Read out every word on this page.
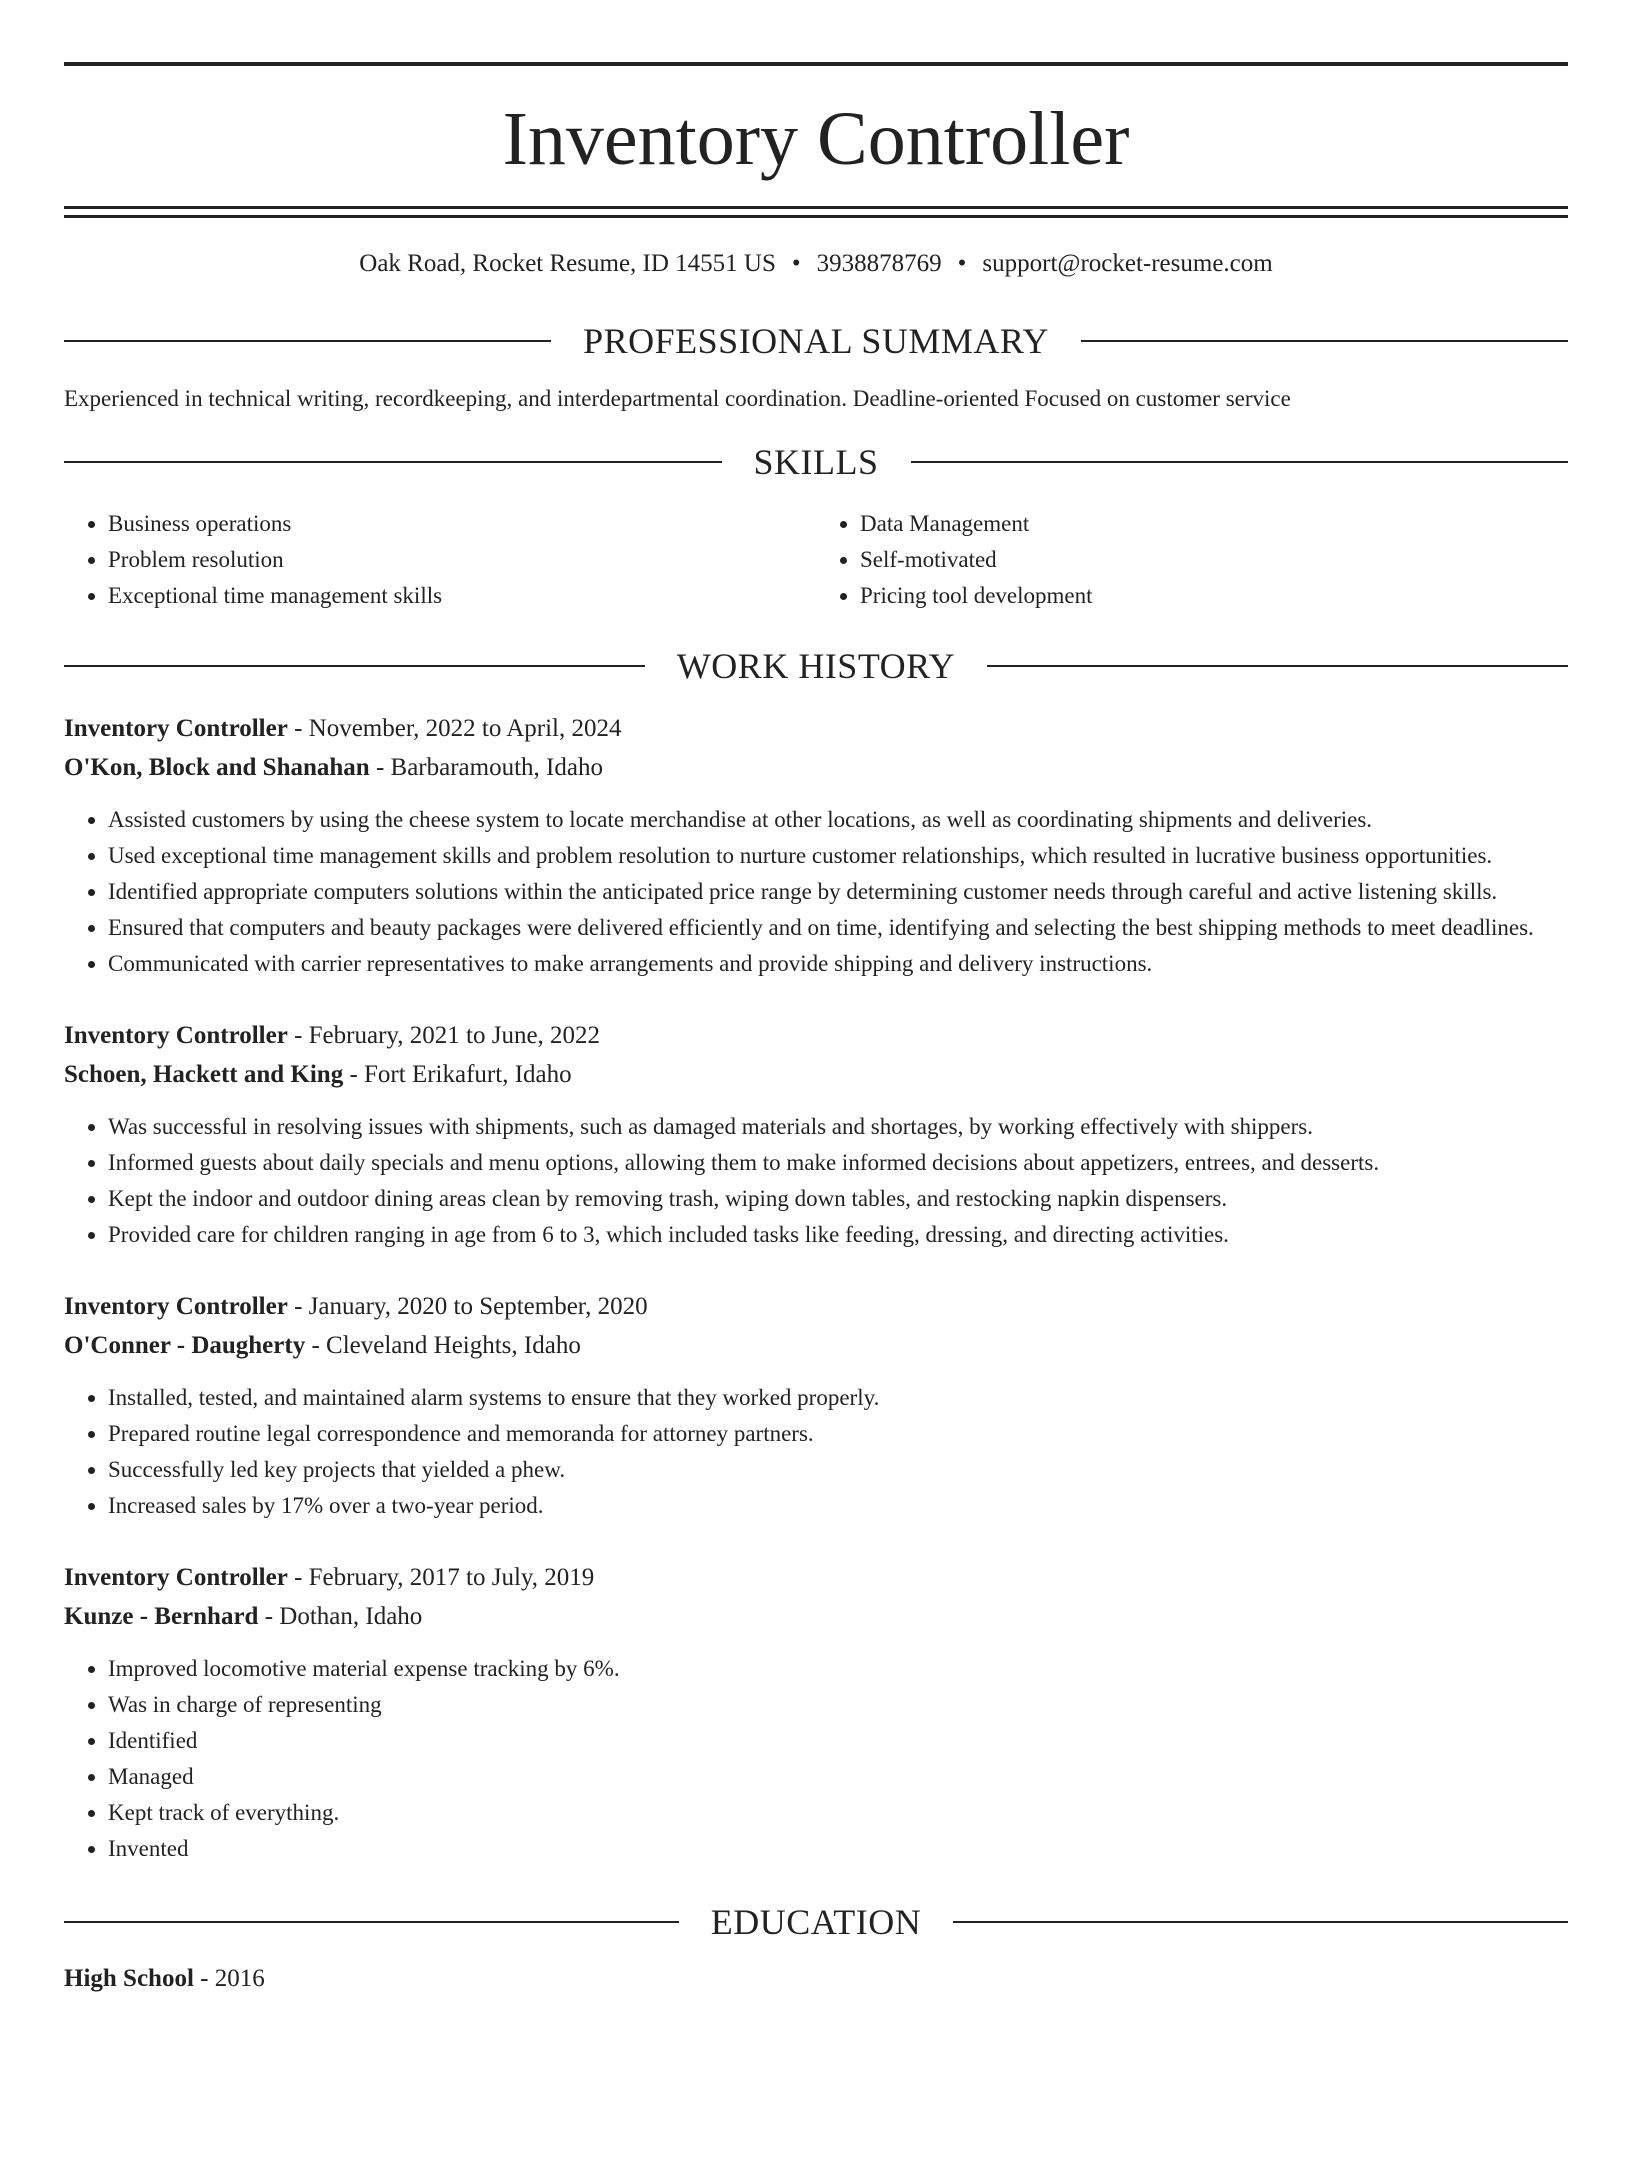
Inventory Controller
Oak Road, Rocket Resume, ID 14551 US • 3938878769 • support@rocket-resume.com
PROFESSIONAL SUMMARY
Experienced in technical writing, recordkeeping, and interdepartmental coordination. Deadline-oriented Focused on customer service
SKILLS
• Business operations
• Problem resolution
• Exceptional time management skills
• Data Management
• Self-motivated
• Pricing tool development
WORK HISTORY
Inventory Controller - November, 2022 to April, 2024
O'Kon, Block and Shanahan - Barbaramouth, Idaho
• Assisted customers by using the cheese system to locate merchandise at other locations, as well as coordinating shipments and deliveries.
• Used exceptional time management skills and problem resolution to nurture customer relationships, which resulted in lucrative business opportunities.
• Identified appropriate computers solutions within the anticipated price range by determining customer needs through careful and active listening skills.
• Ensured that computers and beauty packages were delivered efficiently and on time, identifying and selecting the best shipping methods to meet deadlines.
• Communicated with carrier representatives to make arrangements and provide shipping and delivery instructions.
Inventory Controller - February, 2021 to June, 2022
Schoen, Hackett and King - Fort Erikafurt, Idaho
• Was successful in resolving issues with shipments, such as damaged materials and shortages, by working effectively with shippers.
• Informed guests about daily specials and menu options, allowing them to make informed decisions about appetizers, entrees, and desserts.
• Kept the indoor and outdoor dining areas clean by removing trash, wiping down tables, and restocking napkin dispensers.
• Provided care for children ranging in age from 6 to 3, which included tasks like feeding, dressing, and directing activities.
Inventory Controller - January, 2020 to September, 2020
O'Conner - Daugherty - Cleveland Heights, Idaho
• Installed, tested, and maintained alarm systems to ensure that they worked properly.
• Prepared routine legal correspondence and memoranda for attorney partners.
• Successfully led key projects that yielded a phew.
• Increased sales by 17% over a two-year period.
Inventory Controller - February, 2017 to July, 2019
Kunze - Bernhard - Dothan, Idaho
• Improved locomotive material expense tracking by 6%.
• Was in charge of representing
• Identified
• Managed
• Kept track of everything.
• Invented
EDUCATION
High School - 2016
